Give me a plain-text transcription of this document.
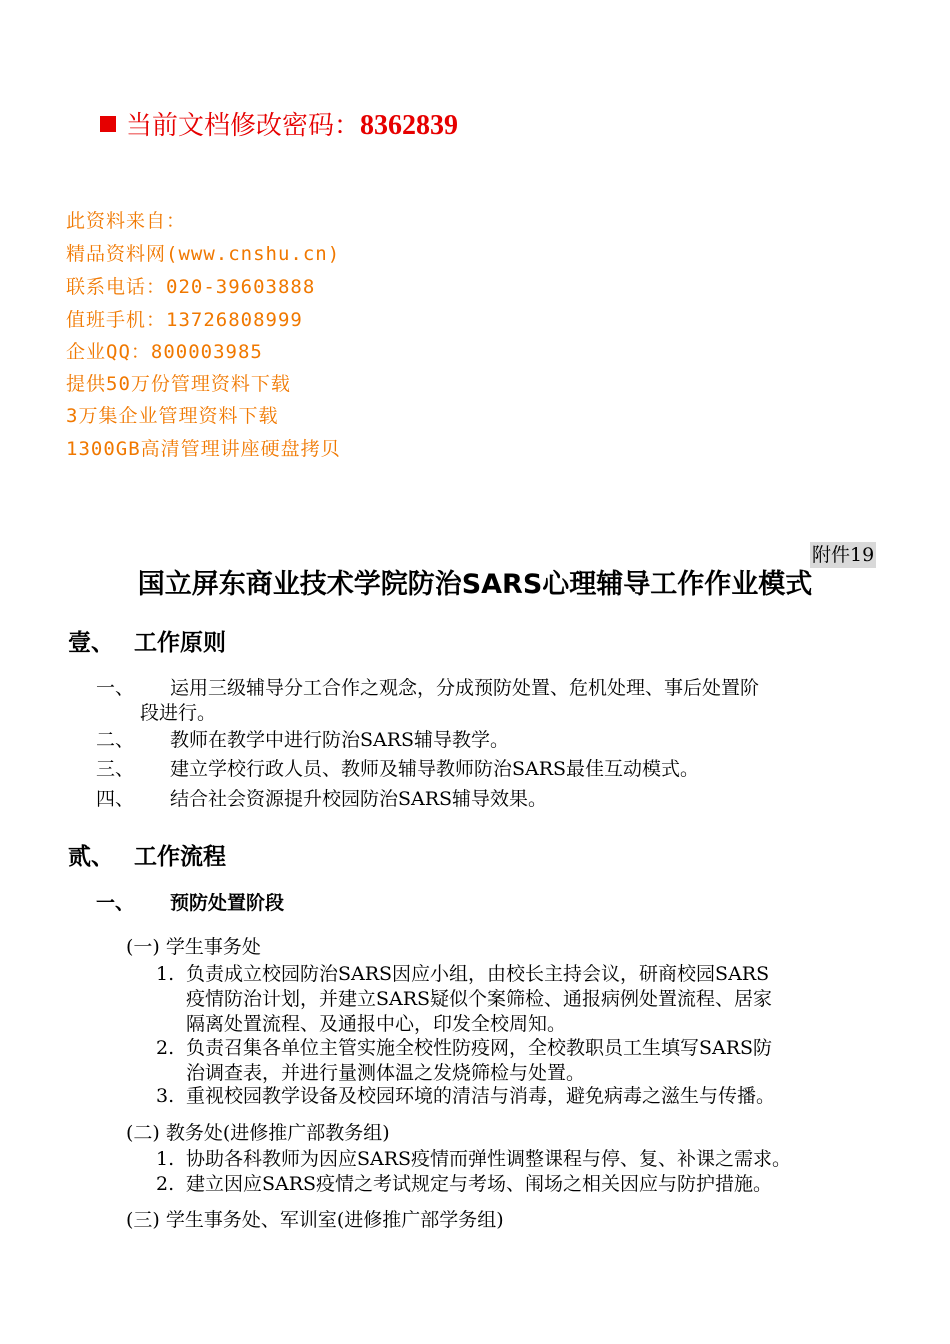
当前文档修改密码：8362839
此资料来自：
精品资料网(www.cnshu.cn)
联系电话：020-39603888
值班手机：13726808999
企业QQ：800003985
提供50万份管理资料下载
3万集企业管理资料下载
1300GB高清管理讲座硬盘拷贝
附件19
国立屏东商业技术学院防治SARS心理辅导工作作业模式
壹、 工作原则
一、 运用三级辅导分工合作之观念，分成预防处置、危机处理、事后处置阶
段进行。
二、 教师在教学中进行防治SARS辅导教学。
三、 建立学校行政人员、教师及辅导教师防治SARS最佳互动模式。
四、 结合社会资源提升校园防治SARS辅导效果。
贰、 工作流程
一、 预防处置阶段
(一) 学生事务处
1. 负责成立校园防治SARS因应小组，由校长主持会议，研商校园SARS
疫情防治计划，并建立SARS疑似个案筛检、通报病例处置流程、居家
隔离处置流程、及通报中心，印发全校周知。
2. 负责召集各单位主管实施全校性防疫网，全校教职员工生填写SARS防
治调查表，并进行量测体温之发烧筛检与处置。
3. 重视校园教学设备及校园环境的清洁与消毒，避免病毒之滋生与传播。
(二) 教务处(进修推广部教务组)
1. 协助各科教师为因应SARS疫情而弹性调整课程与停、复、补课之需求。
2. 建立因应SARS疫情之考试规定与考场、闱场之相关因应与防护措施。
(三) 学生事务处、军训室(进修推广部学务组)
